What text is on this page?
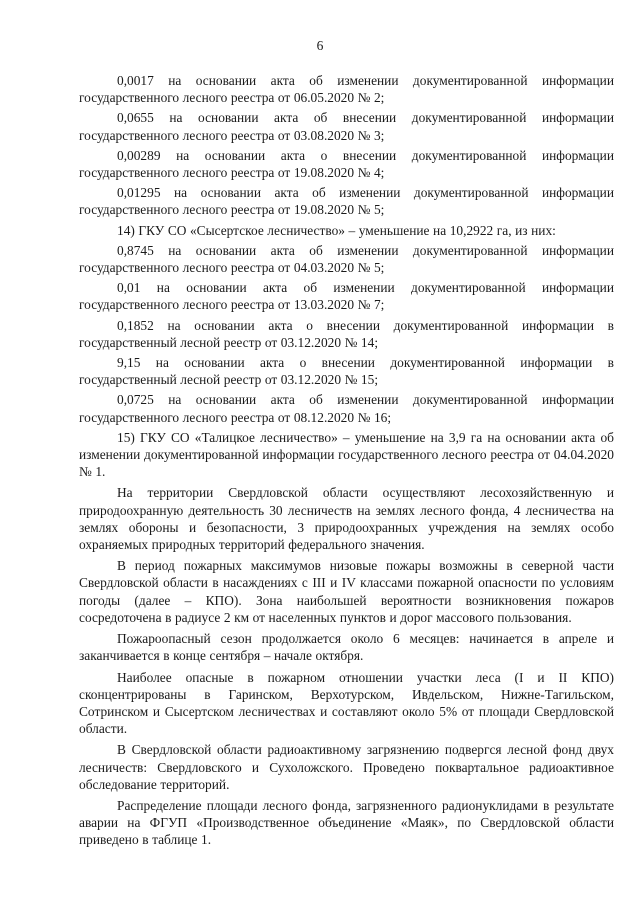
6

0,0017 на основании акта об изменении документированной информации государственного лесного реестра от 06.05.2020 № 2;

0,0655 на основании акта об внесении документированной информации государственного лесного реестра от 03.08.2020 № 3;

0,00289 на основании акта о внесении документированной информации государственного лесного реестра от 19.08.2020 № 4;

0,01295 на основании акта об изменении документированной информации государственного лесного реестра от 19.08.2020 № 5;

14) ГКУ СО «Сысертское лесничество» – уменьшение на 10,2922 га, из них:

0,8745 на основании акта об изменении документированной информации государственного лесного реестра от 04.03.2020 № 5;

0,01 на основании акта об изменении документированной информации государственного лесного реестра от 13.03.2020 № 7;

0,1852 на основании акта о внесении документированной информации в государственный лесной реестр от 03.12.2020 № 14;

9,15 на основании акта о внесении документированной информации в государственный лесной реестр от 03.12.2020 № 15;

0,0725 на основании акта об изменении документированной информации государственного лесного реестра от 08.12.2020 № 16;

15) ГКУ СО «Талицкое лесничество» – уменьшение на 3,9 га на основании акта об изменении документированной информации государственного лесного реестра от 04.04.2020 № 1.

На территории Свердловской области осуществляют лесохозяйственную и природоохранную деятельность 30 лесничеств на землях лесного фонда, 4 лесничества на землях обороны и безопасности, 3 природоохранных учреждения на землях особо охраняемых природных территорий федерального значения.

В период пожарных максимумов низовые пожары возможны в северной части Свердловской области в насаждениях с III и IV классами пожарной опасности по условиям погоды (далее – КПО). Зона наибольшей вероятности возникновения пожаров сосредоточена в радиусе 2 км от населенных пунктов и дорог массового пользования.

Пожароопасный сезон продолжается около 6 месяцев: начинается в апреле и заканчивается в конце сентября – начале октября.

Наиболее опасные в пожарном отношении участки леса (I и II КПО) сконцентрированы в Гаринском, Верхотурском, Ивдельском, Нижне-Тагильском, Сотринском и Сысертском лесничествах и составляют около 5% от площади Свердловской области.

В Свердловской области радиоактивному загрязнению подвергся лесной фонд двух лесничеств: Свердловского и Сухоложского. Проведено поквартальное радиоактивное обследование территорий.

Распределение площади лесного фонда, загрязненного радионуклидами в результате аварии на ФГУП «Производственное объединение «Маяк», по Свердловской области приведено в таблице 1.
